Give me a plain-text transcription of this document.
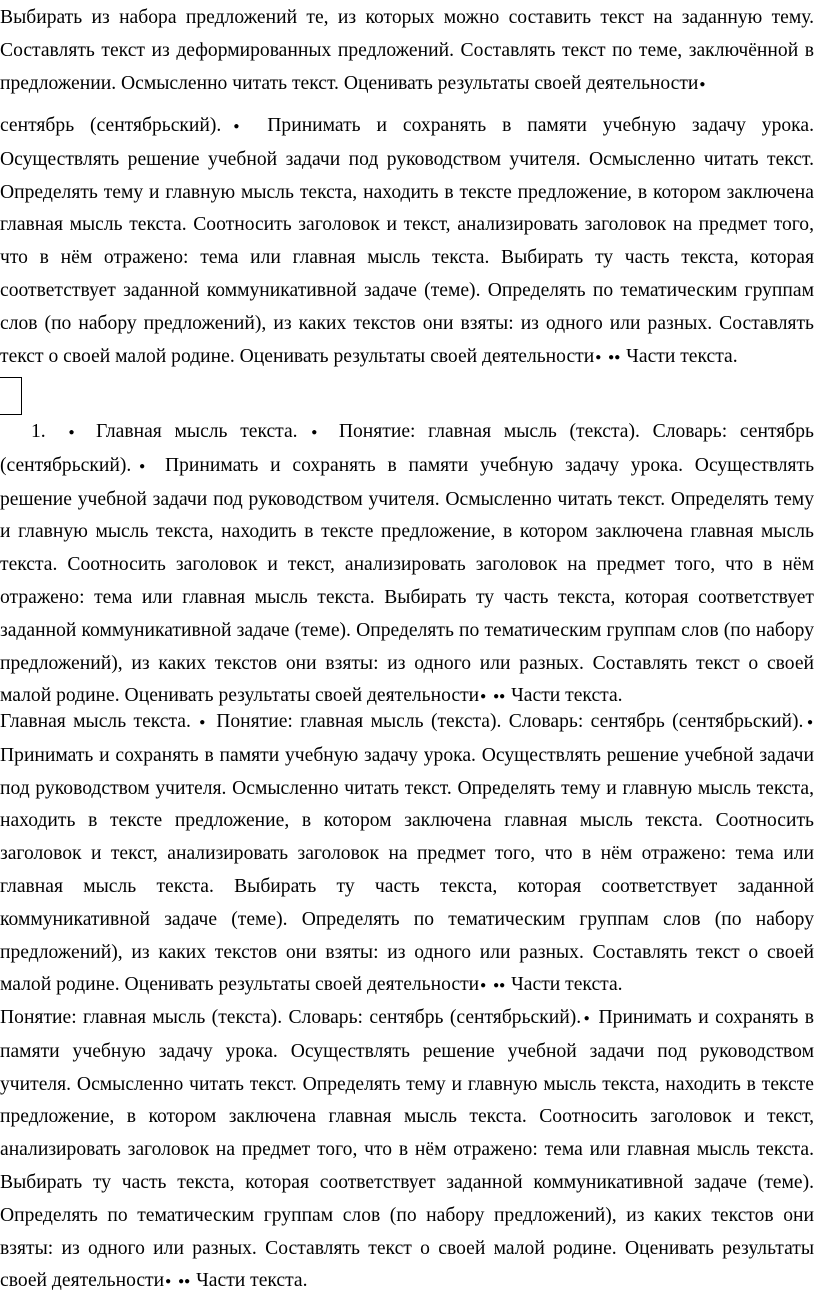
Выбирать из набора предложений те, из которых можно составить текст на заданную тему. Составлять текст из деформированных предложений. Составлять текст по теме, заключённой в предложении. Осмысленно читать текст. Оценивать результаты своей деятельности●

сентябрь (сентябрьский).● Принимать и сохранять в памяти учебную задачу урока. Осуществлять решение учебной задачи под руководством учителя. Осмысленно читать текст. Определять тему и главную мысль текста, находить в тексте предложение, в котором заключена главная мысль текста. Соотносить заголовок и текст, анализировать заголовок на предмет того, что в нём отражено: тема или главная мысль текста. Выбирать ту часть текста, которая соответствует заданной коммуникативной задаче (теме). Определять по тематическим группам слов (по набору предложений), из каких текстов они взяты: из одного или разных. Составлять текст о своей малой родине. Оценивать результаты своей деятельности● ●● Части текста.

1. ● Главная мысль текста. ● Понятие: главная мысль (текста). Словарь: сентябрь (сентябрьский).● Принимать и сохранять в памяти учебную задачу урока. Осуществлять решение учебной задачи под руководством учителя. Осмысленно читать текст. Определять тему и главную мысль текста, находить в тексте предложение, в котором заключена главная мысль текста. Соотносить заголовок и текст, анализировать заголовок на предмет того, что в нём отражено: тема или главная мысль текста. Выбирать ту часть текста, которая соответствует заданной коммуникативной задаче (теме). Определять по тематическим группам слов (по набору предложений), из каких текстов они взяты: из одного или разных. Составлять текст о своей малой родине. Оценивать результаты своей деятельности● ●● Части текста.

Главная мысль текста. ● Понятие: главная мысль (текста). Словарь: сентябрь (сентябрьский).● Принимать и сохранять в памяти учебную задачу урока. Осуществлять решение учебной задачи под руководством учителя. Осмысленно читать текст. Определять тему и главную мысль текста, находить в тексте предложение, в котором заключена главная мысль текста. Соотносить заголовок и текст, анализировать заголовок на предмет того, что в нём отражено: тема или главная мысль текста. Выбирать ту часть текста, которая соответствует заданной коммуникативной задаче (теме). Определять по тематическим группам слов (по набору предложений), из каких текстов они взяты: из одного или разных. Составлять текст о своей малой родине. Оценивать результаты своей деятельности● ●● Части текста.

Понятие: главная мысль (текста). Словарь: сентябрь (сентябрьский).● Принимать и сохранять в памяти учебную задачу урока. Осуществлять решение учебной задачи под руководством учителя. Осмысленно читать текст. Определять тему и главную мысль текста, находить в тексте предложение, в котором заключена главная мысль текста. Соотносить заголовок и текст, анализировать заголовок на предмет того, что в нём отражено: тема или главная мысль текста. Выбирать ту часть текста, которая соответствует заданной коммуникативной задаче (теме). Определять по тематическим группам слов (по набору предложений), из каких текстов они взяты: из одного или разных. Составлять текст о своей малой родине. Оценивать результаты своей деятельности● ●● Части текста.
